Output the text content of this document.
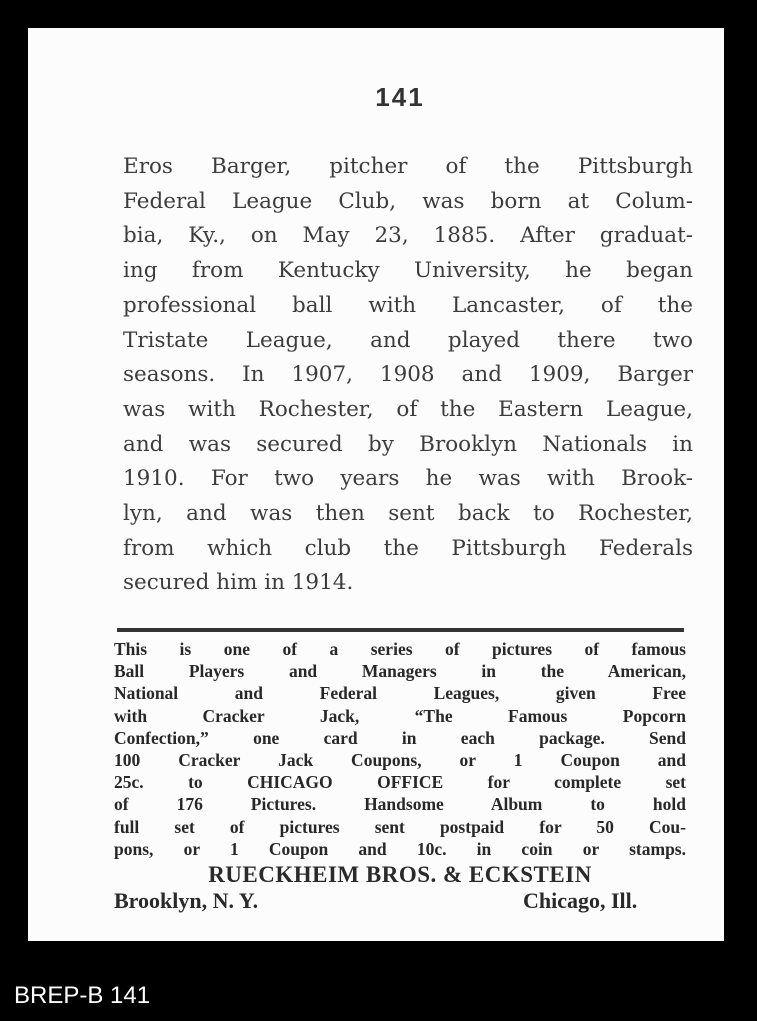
141
Eros Barger, pitcher of the Pittsburgh
Federal League Club, was born at Colum-
bia, Ky., on May 23, 1885. After graduat-
ing from Kentucky University, he began
professional ball with Lancaster, of the
Tristate League, and played there two
seasons. In 1907, 1908 and 1909, Barger
was with Rochester, of the Eastern League,
and was secured by Brooklyn Nationals in
1910. For two years he was with Brook-
lyn, and was then sent back to Rochester,
from which club the Pittsburgh Federals
secured him in 1914.
This is one of a series of pictures of famous
Ball Players and Managers in the American,
National and Federal Leagues, given Free
with Cracker Jack, “The Famous Popcorn
Confection,” one card in each package. Send
100 Cracker Jack Coupons, or 1 Coupon and
25c. to CHICAGO OFFICE for complete set
of 176 Pictures. Handsome Album to hold
full set of pictures sent postpaid for 50 Cou-
pons, or 1 Coupon and 10c. in coin or stamps.
RUECKHEIM BROS. & ECKSTEIN
Brooklyn, N. Y.	Chicago, Ill.
BREP-B 141
